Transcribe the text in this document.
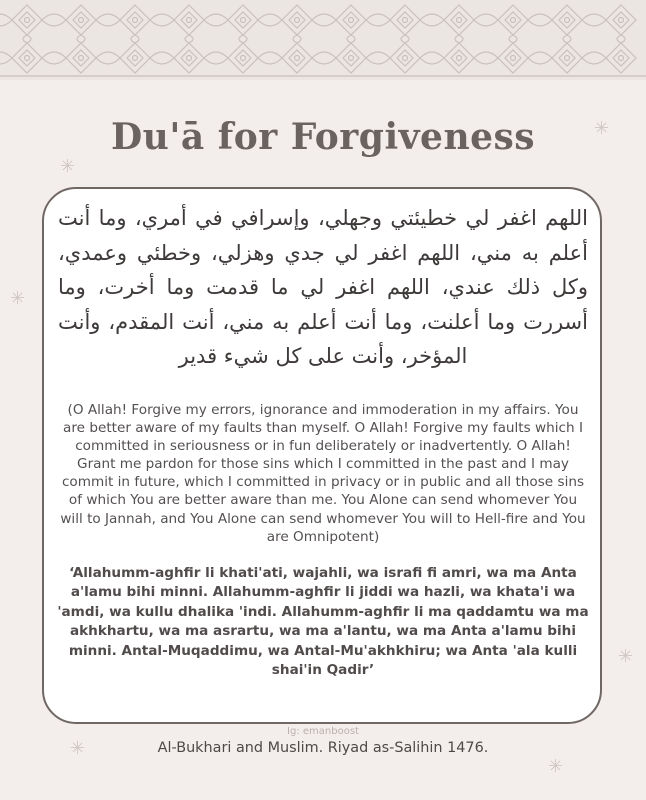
Du'ā for Forgiveness
اللهم اغفر لي خطيئتي وجهلي، وإسرافي في أمري، وما أنت أعلم به مني، اللهم اغفر لي جدي وهزلي، وخطئي وعمدي، وكل ذلك عندي، اللهم اغفر لي ما قدمت وما أخرت، وما أسررت وما أعلنت، وما أنت أعلم به مني، أنت المقدم، وأنت المؤخر، وأنت على كل شيء قدير
(O Allah! Forgive my errors, ignorance and immoderation in my affairs. You are better aware of my faults than myself. O Allah! Forgive my faults which I committed in seriousness or in fun deliberately or inadvertently. O Allah! Grant me pardon for those sins which I committed in the past and I may commit in future, which I committed in privacy or in public and all those sins of which You are better aware than me. You Alone can send whomever You will to Jannah, and You Alone can send whomever You will to Hell-fire and You are Omnipotent)
‘Allahumm-aghfir li khati'ati, wajahli, wa israfi fi amri, wa ma Anta a'lamu bihi minni. Allahumm-aghfir li jiddi wa hazli, wa khata'i wa 'amdi, wa kullu dhalika 'indi. Allahumm-aghfir li ma qaddamtu wa ma akhkhartu, wa ma asrartu, wa ma a'lantu, wa ma Anta a'lamu bihi minni. Antal-Muqaddimu, wa Antal-Mu'akhkhiru; wa Anta 'ala kulli shai'in Qadir’
Ig: emanboost
Al-Bukhari and Muslim. Riyad as-Salihin 1476.
✳
✳
✳
✳
✳
✳
